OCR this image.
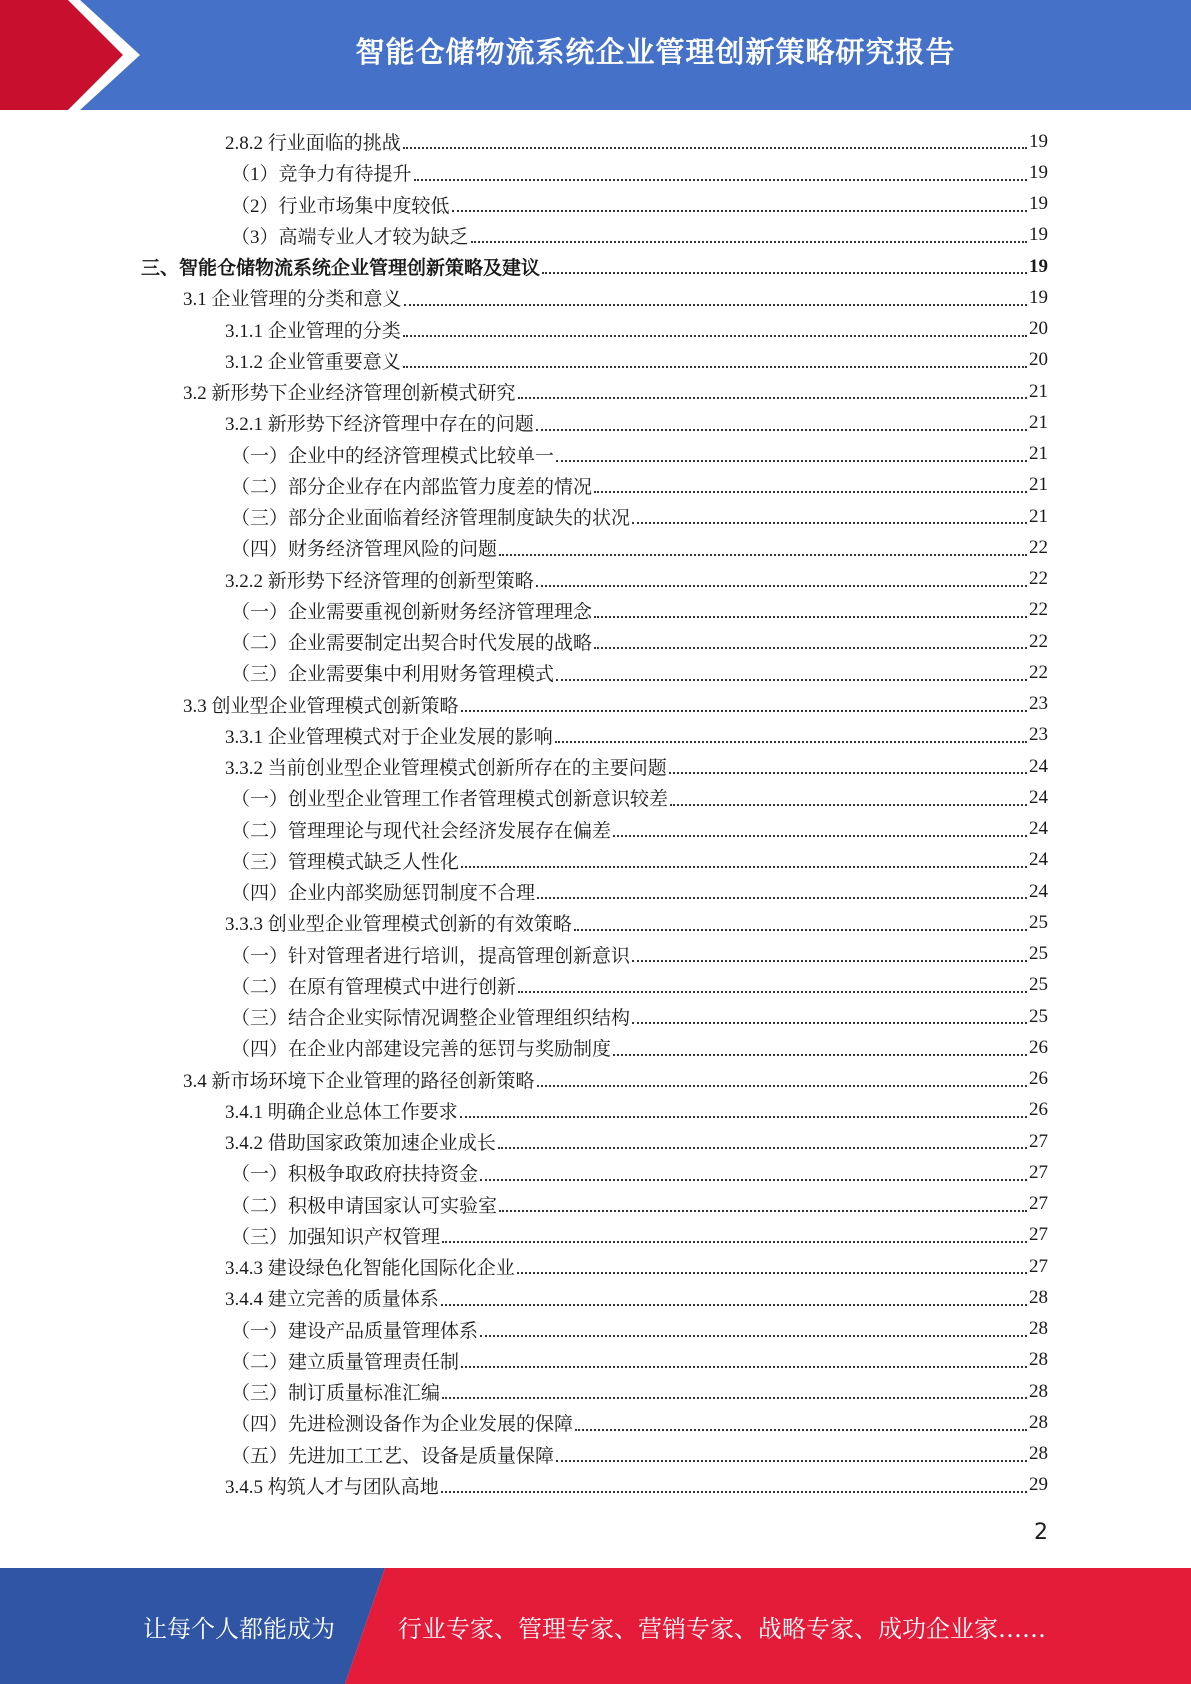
智能仓储物流系统企业管理创新策略研究报告
2.8.2 行业面临的挑战	19
（1）竞争力有待提升	19
（2）行业市场集中度较低	19
（3）高端专业人才较为缺乏	19
三、智能仓储物流系统企业管理创新策略及建议	19
3.1 企业管理的分类和意义	19
3.1.1 企业管理的分类	20
3.1.2 企业管重要意义	20
3.2 新形势下企业经济管理创新模式研究	21
3.2.1 新形势下经济管理中存在的问题	21
（一）企业中的经济管理模式比较单一	21
（二）部分企业存在内部监管力度差的情况	21
（三）部分企业面临着经济管理制度缺失的状况	21
（四）财务经济管理风险的问题	22
3.2.2 新形势下经济管理的创新型策略	22
（一）企业需要重视创新财务经济管理理念	22
（二）企业需要制定出契合时代发展的战略	22
（三）企业需要集中利用财务管理模式	22
3.3 创业型企业管理模式创新策略	23
3.3.1 企业管理模式对于企业发展的影响	23
3.3.2 当前创业型企业管理模式创新所存在的主要问题	24
（一）创业型企业管理工作者管理模式创新意识较差	24
（二）管理理论与现代社会经济发展存在偏差	24
（三）管理模式缺乏人性化	24
（四）企业内部奖励惩罚制度不合理	24
3.3.3 创业型企业管理模式创新的有效策略	25
（一）针对管理者进行培训，提高管理创新意识	25
（二）在原有管理模式中进行创新	25
（三）结合企业实际情况调整企业管理组织结构	25
（四）在企业内部建设完善的惩罚与奖励制度	26
3.4 新市场环境下企业管理的路径创新策略	26
3.4.1 明确企业总体工作要求	26
3.4.2 借助国家政策加速企业成长	27
（一）积极争取政府扶持资金	27
（二）积极申请国家认可实验室	27
（三）加强知识产权管理	27
3.4.3 建设绿色化智能化国际化企业	27
3.4.4 建立完善的质量体系	28
（一）建设产品质量管理体系	28
（二）建立质量管理责任制	28
（三）制订质量标准汇编	28
（四）先进检测设备作为企业发展的保障	28
（五）先进加工工艺、设备是质量保障	28
3.4.5 构筑人才与团队高地	29
2
让每个人都能成为	行业专家、管理专家、营销专家、战略专家、成功企业家……
